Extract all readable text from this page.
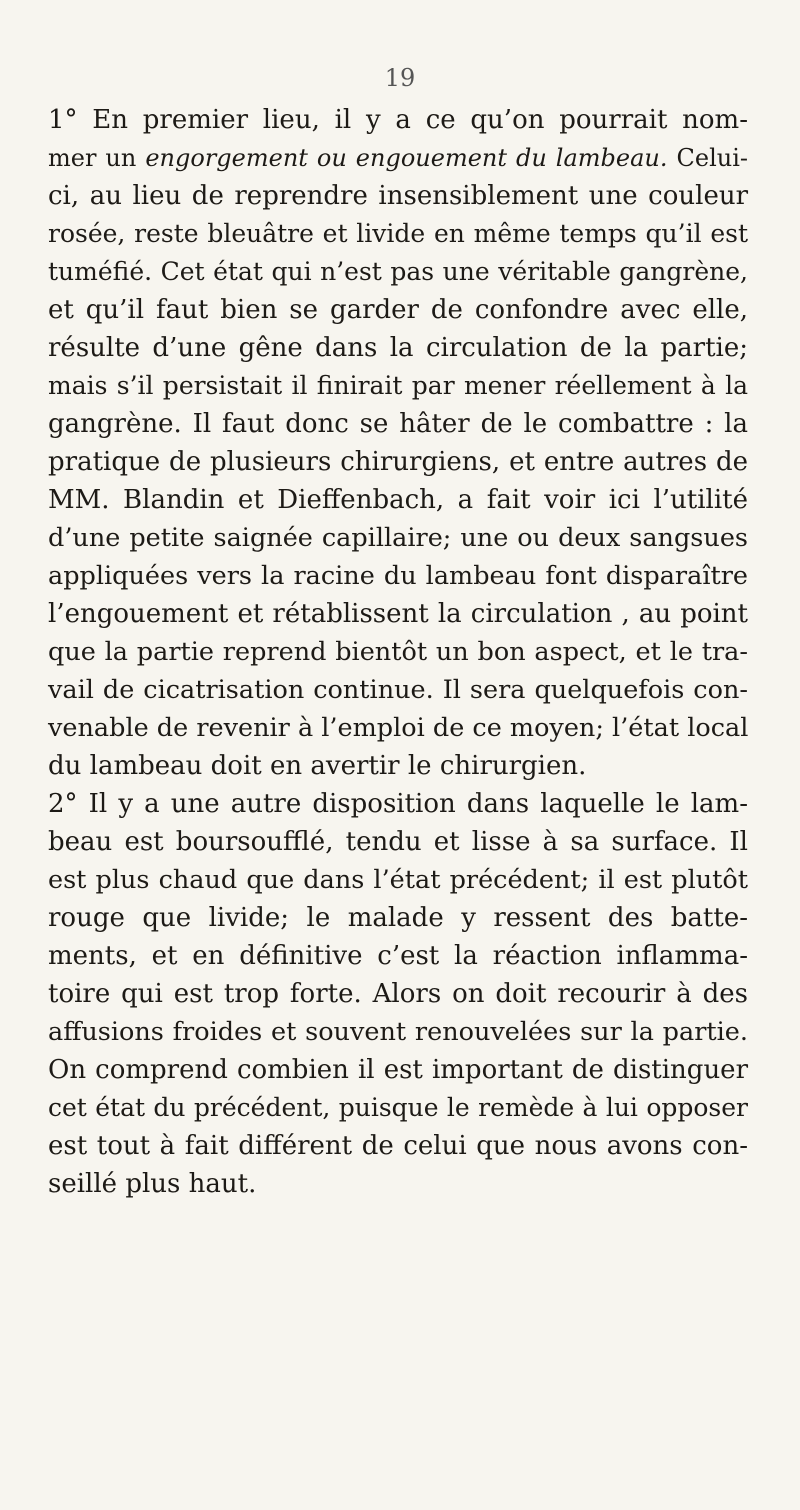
19
1° En premier lieu, il y a ce qu’on pourrait nom-
mer un engorgement ou engouement du lambeau. Celui-
ci, au lieu de reprendre insensiblement une couleur
rosée, reste bleuâtre et livide en même temps qu’il est
tuméfié. Cet état qui n’est pas une véritable gangrène,
et qu’il faut bien se garder de confondre avec elle,
résulte d’une gêne dans la circulation de la partie;
mais s’il persistait il finirait par mener réellement à la
gangrène. Il faut donc se hâter de le combattre : la
pratique de plusieurs chirurgiens, et entre autres de
MM. Blandin et Dieffenbach, a fait voir ici l’utilité
d’une petite saignée capillaire; une ou deux sangsues
appliquées vers la racine du lambeau font disparaître
l’engouement et rétablissent la circulation , au point
que la partie reprend bientôt un bon aspect, et le tra-
vail de cicatrisation continue. Il sera quelquefois con-
venable de revenir à l’emploi de ce moyen; l’état local
du lambeau doit en avertir le chirurgien.
2° Il y a une autre disposition dans laquelle le lam-
beau est boursoufflé, tendu et lisse à sa surface. Il
est plus chaud que dans l’état précédent; il est plutôt
rouge que livide; le malade y ressent des batte-
ments, et en définitive c’est la réaction inflamma-
toire qui est trop forte. Alors on doit recourir à des
affusions froides et souvent renouvelées sur la partie.
On comprend combien il est important de distinguer
cet état du précédent, puisque le remède à lui opposer
est tout à fait différent de celui que nous avons con-
seillé plus haut.
